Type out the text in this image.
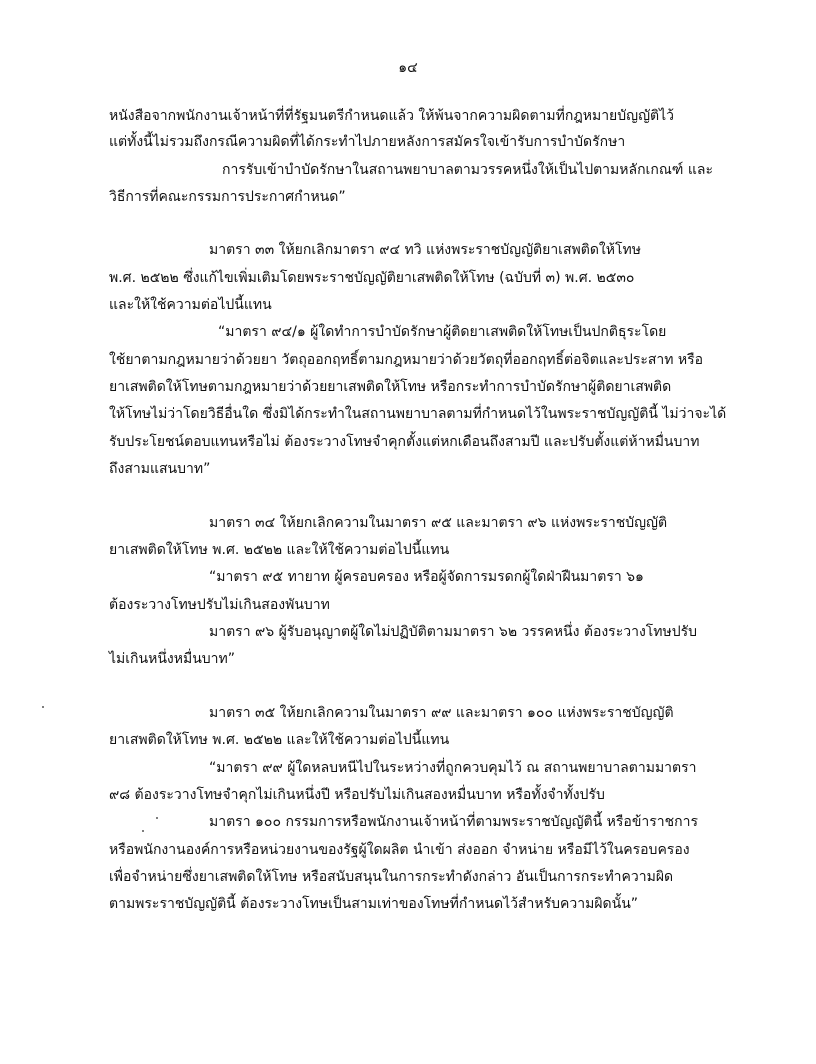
๑๔
หนังสือจากพนักงานเจ้าหน้าที่ที่รัฐมนตรีกำหนดแล้ว ให้พ้นจากความผิดตามที่กฎหมายบัญญัติไว้
แต่ทั้งนี้ไม่รวมถึงกรณีความผิดที่ได้กระทำไปภายหลังการสมัครใจเข้ารับการบำบัดรักษา
การรับเข้าบำบัดรักษาในสถานพยาบาลตามวรรคหนึ่งให้เป็นไปตามหลักเกณฑ์ และ
วิธีการที่คณะกรรมการประกาศกำหนด”
มาตรา ๓๓ ให้ยกเลิกมาตรา ๙๔ ทวิ แห่งพระราชบัญญัติยาเสพติดให้โทษ
พ.ศ. ๒๕๒๒ ซึ่งแก้ไขเพิ่มเติมโดยพระราชบัญญัติยาเสพติดให้โทษ (ฉบับที่ ๓) พ.ศ. ๒๕๓๐
และให้ใช้ความต่อไปนี้แทน
“มาตรา ๙๔/๑ ผู้ใดทำการบำบัดรักษาผู้ติดยาเสพติดให้โทษเป็นปกติธุระโดย
ใช้ยาตามกฎหมายว่าด้วยยา วัตถุออกฤทธิ์ตามกฎหมายว่าด้วยวัตถุที่ออกฤทธิ์ต่อจิตและประสาท หรือ
ยาเสพติดให้โทษตามกฎหมายว่าด้วยยาเสพติดให้โทษ หรือกระทำการบำบัดรักษาผู้ติดยาเสพติด
ให้โทษไม่ว่าโดยวิธีอื่นใด ซึ่งมิได้กระทำในสถานพยาบาลตามที่กำหนดไว้ในพระราชบัญญัตินี้ ไม่ว่าจะได้
รับประโยชน์ตอบแทนหรือไม่ ต้องระวางโทษจำคุกตั้งแต่หกเดือนถึงสามปี และปรับตั้งแต่ห้าหมื่นบาท
ถึงสามแสนบาท”
มาตรา ๓๔ ให้ยกเลิกความในมาตรา ๙๕ และมาตรา ๙๖ แห่งพระราชบัญญัติ
ยาเสพติดให้โทษ พ.ศ. ๒๕๒๒ และให้ใช้ความต่อไปนี้แทน
“มาตรา ๙๕ ทายาท ผู้ครอบครอง หรือผู้จัดการมรดกผู้ใดฝ่าฝืนมาตรา ๖๑
ต้องระวางโทษปรับไม่เกินสองพันบาท
มาตรา ๙๖ ผู้รับอนุญาตผู้ใดไม่ปฏิบัติตามมาตรา ๖๒ วรรคหนึ่ง ต้องระวางโทษปรับ
ไม่เกินหนึ่งหมื่นบาท”
มาตรา ๓๕ ให้ยกเลิกความในมาตรา ๙๙ และมาตรา ๑๐๐ แห่งพระราชบัญญัติ
ยาเสพติดให้โทษ พ.ศ. ๒๕๒๒ และให้ใช้ความต่อไปนี้แทน
“มาตรา ๙๙ ผู้ใดหลบหนีไปในระหว่างที่ถูกควบคุมไว้ ณ สถานพยาบาลตามมาตรา
๙๘ ต้องระวางโทษจำคุกไม่เกินหนึ่งปี หรือปรับไม่เกินสองหมื่นบาท หรือทั้งจำทั้งปรับ
มาตรา ๑๐๐ กรรมการหรือพนักงานเจ้าหน้าที่ตามพระราชบัญญัตินี้ หรือข้าราชการ
หรือพนักงานองค์การหรือหน่วยงานของรัฐผู้ใดผลิต นำเข้า ส่งออก จำหน่าย หรือมีไว้ในครอบครอง
เพื่อจำหน่ายซึ่งยาเสพติดให้โทษ หรือสนับสนุนในการกระทำดังกล่าว อันเป็นการกระทำความผิด
ตามพระราชบัญญัตินี้ ต้องระวางโทษเป็นสามเท่าของโทษที่กำหนดไว้สำหรับความผิดนั้น”
